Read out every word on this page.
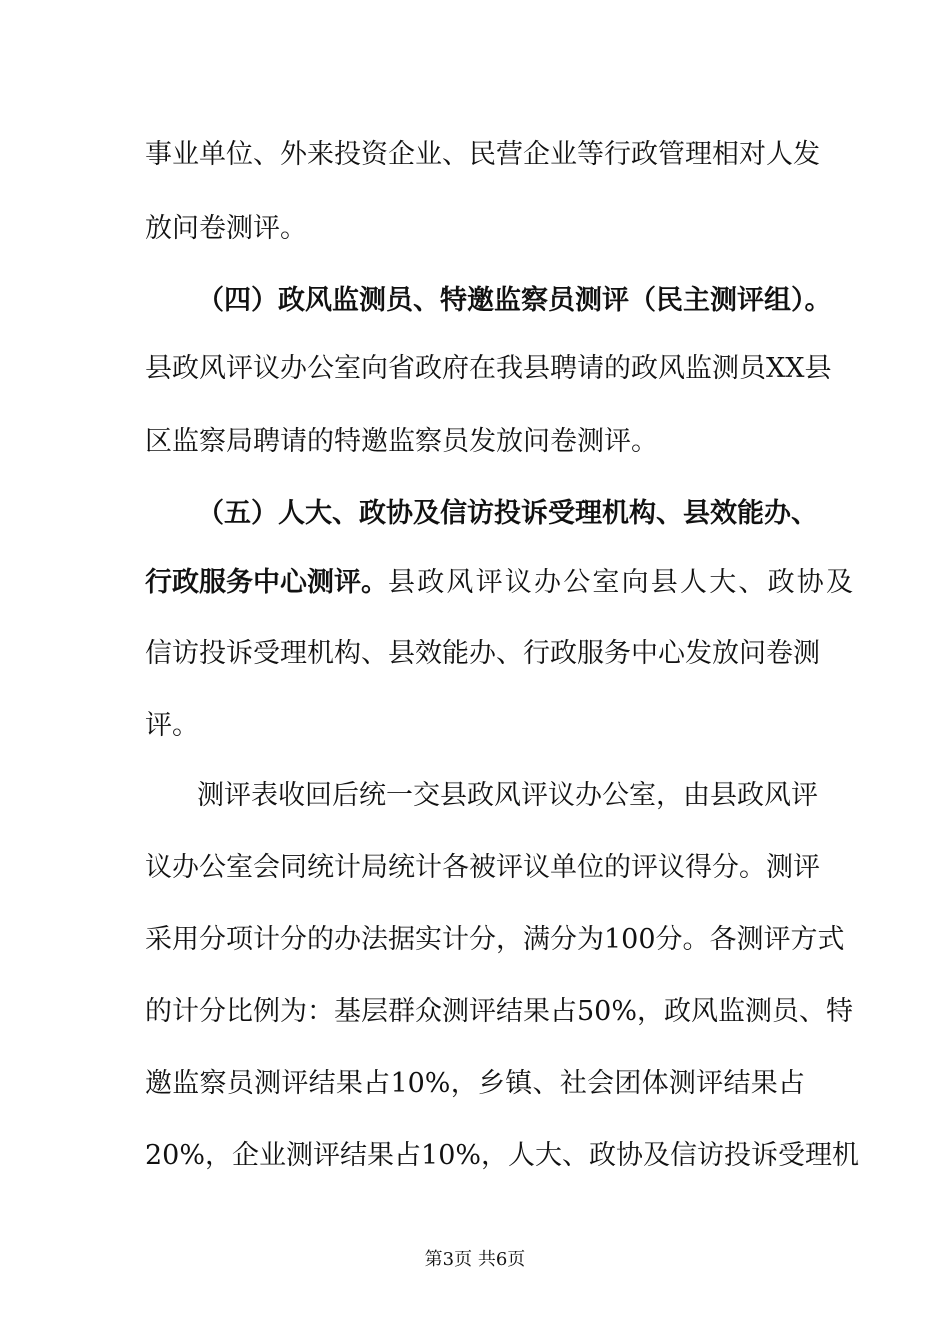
事业单位、外来投资企业、民营企业等行政管理相对人发
放问卷测评。
（四）政风监测员、特邀监察员测评（民主测评组）。
县政风评议办公室向省政府在我县聘请的政风监测员XX县
区监察局聘请的特邀监察员发放问卷测评。
（五）人大、政协及信访投诉受理机构、县效能办、
行政服务中心测评。县政风评议办公室向县人大、政协及
信访投诉受理机构、县效能办、行政服务中心发放问卷测
评。
测评表收回后统一交县政风评议办公室，由县政风评
议办公室会同统计局统计各被评议单位的评议得分。测评
采用分项计分的办法据实计分，满分为100分。各测评方式
的计分比例为：基层群众测评结果占50%，政风监测员、特
邀监察员测评结果占10%，乡镇、社会团体测评结果占
20%，企业测评结果占10%，人大、政协及信访投诉受理机
第3页 共6页
